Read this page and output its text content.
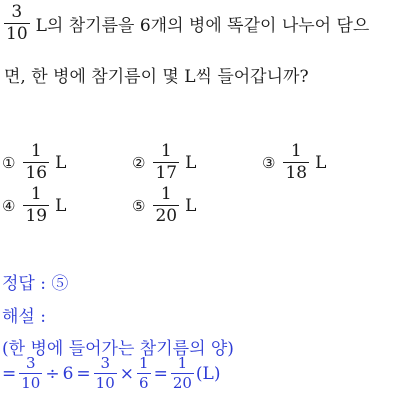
$\frac{3}{10}$ L의 참기름을 6개의 병에 똑같이 나누어 담으
면, 한 병에 참기름이 몇 L씩 들어갑니까?
① $\frac{1}{16}$ L	② $\frac{1}{17}$ L	③ $\frac{1}{18}$ L
④ $\frac{1}{19}$ L	⑤ $\frac{1}{20}$ L
정답 : ⑤
해설 :
(한 병에 들어가는 참기름의 양)
= $\frac{3}{10} \div 6 = \frac{3}{10} \times \frac{1}{6} = \frac{1}{20} (L)$
